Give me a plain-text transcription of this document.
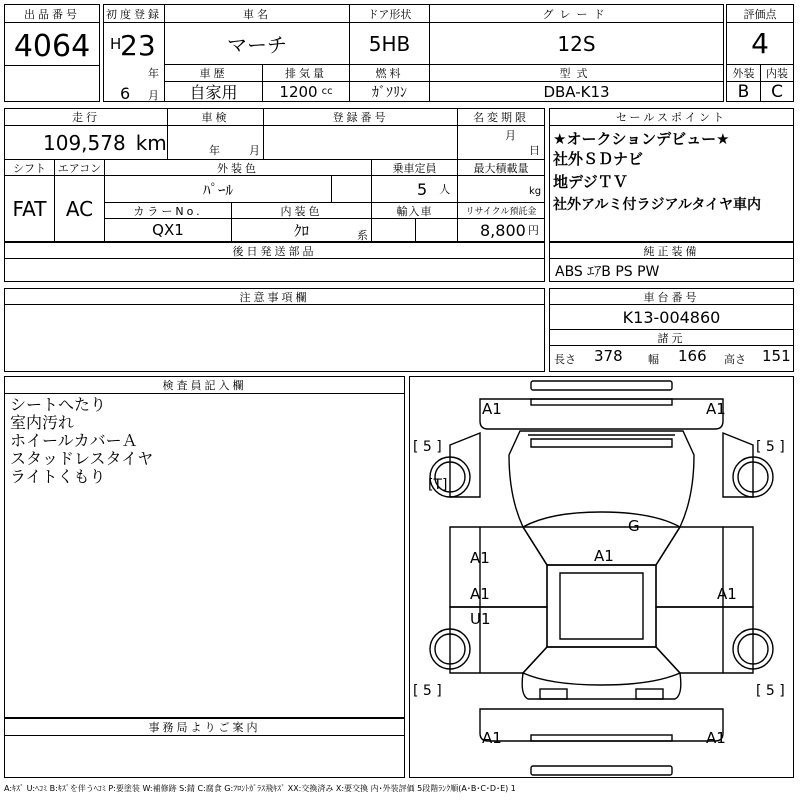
出品番号
4064
初度登録
H
23
年
6 月
車名
マーチ
ドア形状
5HB
グレード
12S
車歴
自家用
排気量
1200 cc
燃料
ｶﾞｿﾘﾝ
型式
DBA-K13
評価点
4
外装	内装
B	C
走行
109,578 km
車検
年	月
登録番号	名変期限
月
日
シフト
FAT
エアコン
AC
外装色
ﾊﾟｰﾙ
乗車定員
5 人
最大積載量
kg
カラーNo.
QX1
内装色
ｸﾛ	系
輸入車	リサイクル預託金
8,800 円
後日発送部品
セールスポイント
★オークションデビュー★
社外ＳＤナビ
地デジＴＶ
社外アルミ付ラジアルタイヤ車内
純正装備
ABS ｴｱB PS PW
注意事項欄	車台番号
K13-004860
諸元
長さ 378 幅 166 高さ 151
検査員記入欄
シートへたり
室内汚れ
ホイールカバーＡ
スタッドレスタイヤ
ライトくもり
事務局よりご案内
A1	A1
G
A1	A1
A1
U1
A1
A1	A1
[ 5 ]	[ 5 ]
[ 5 ]	[ 5 ]
[T]
A:ｷｽﾞ U:ﾍｺﾐ B:ｷｽﾞを伴うﾍｺﾐ P:要塗装 W:補修跡 S:錆 C:腐食 G:ﾌﾛﾝﾄｶﾞﾗｽ飛ｷｽﾞ XX:交換済み X:要交換 内･外装評価 5段階ﾗﾝｸ順(A･B･C･D･E) 1
